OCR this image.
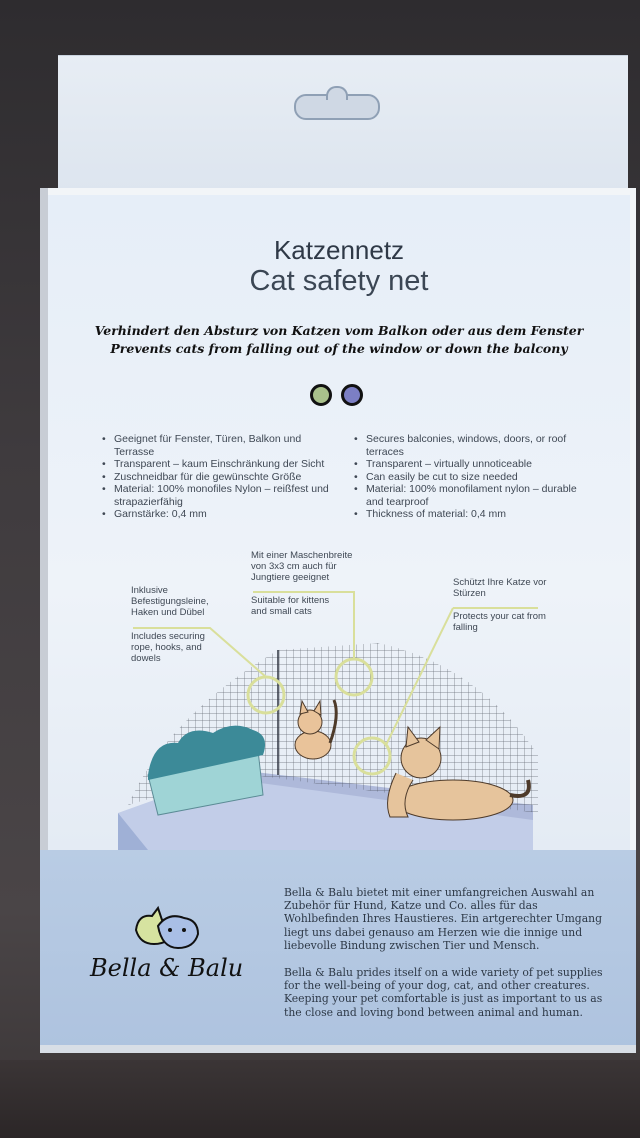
Katzennetz
Cat safety net
Verhindert den Absturz von Katzen vom Balkon oder aus dem Fenster
Prevents cats from falling out of the window or down the balcony
• Geeignet für Fenster, Türen, Balkon und Terrasse
• Transparent – kaum Einschränkung der Sicht
• Zuschneidbar für die gewünschte Größe
• Material: 100% monofiles Nylon – reißfest und strapazierfähig
• Garnstärke: 0,4 mm
• Secures balconies, windows, doors, or roof terraces
• Transparent – virtually unnoticeable
• Can easily be cut to size needed
• Material: 100% monofilament nylon – durable and tearproof
• Thickness of material: 0,4 mm
Mit einer Maschenbreite von 3x3 cm auch für Jungtiere geeignet
Suitable for kittens and small cats
Inklusive Befestigungsleine, Haken und Dübel
Includes securing rope, hooks, and dowels
Schützt Ihre Katze vor Stürzen
Protects your cat from falling
Bella & Balu
Bella & Balu bietet mit einer umfangreichen Auswahl an Zubehör für Hund, Katze und Co. alles für das Wohlbefinden Ihres Haustieres. Ein artgerechter Umgang liegt uns dabei genauso am Herzen wie die innige und liebevolle Bindung zwischen Tier und Mensch.
Bella & Balu prides itself on a wide variety of pet supplies for the well-being of your dog, cat, and other creatures. Keeping your pet comfortable is just as important to us as the close and loving bond between animal and human.
